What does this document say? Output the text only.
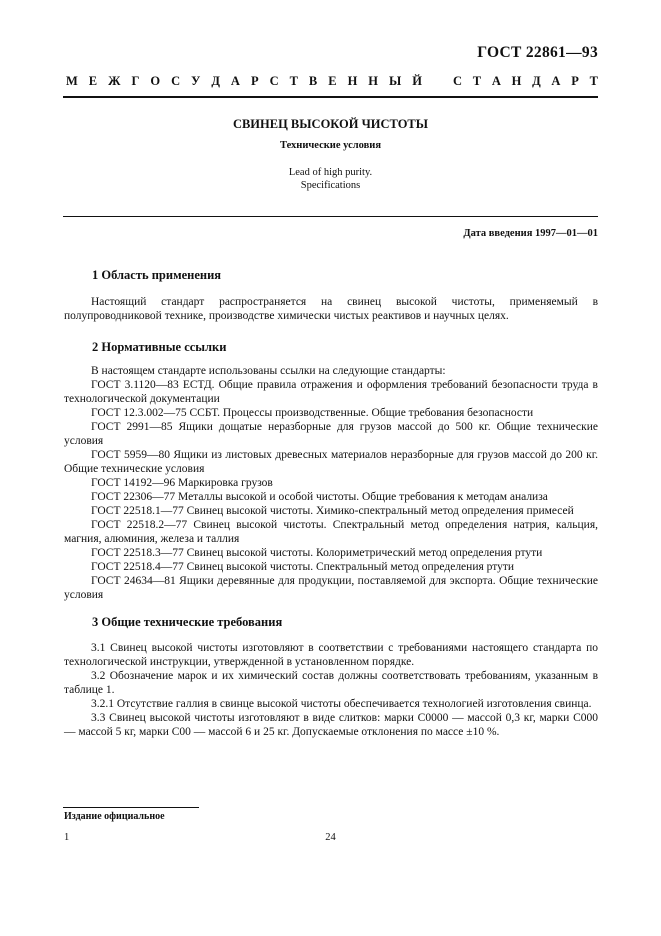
ГОСТ 22861—93
М Е Ж Г О С У Д А Р С Т В Е Н Н Ы Й С Т А Н Д А Р Т
СВИНЕЦ ВЫСОКОЙ ЧИСТОТЫ
Технические условия
Lead of high purity.
Specifications
Дата введения 1997—01—01
1 Область применения

Настоящий стандарт распространяется на свинец высокой чистоты, применяемый в полупроводниковой технике, производстве химически чистых реактивов и научных целях.

2 Нормативные ссылки

В настоящем стандарте использованы ссылки на следующие стандарты:

ГОСТ 3.1120—83 ЕСТД. Общие правила отражения и оформления требований безопасности труда в технологической документации

ГОСТ 12.3.002—75 ССБТ. Процессы производственные. Общие требования безопасности

ГОСТ 2991—85 Ящики дощатые неразборные для грузов массой до 500 кг. Общие технические условия

ГОСТ 5959—80 Ящики из листовых древесных материалов неразборные для грузов массой до 200 кг. Общие технические условия

ГОСТ 14192—96 Маркировка грузов

ГОСТ 22306—77 Металлы высокой и особой чистоты. Общие требования к методам анализа

ГОСТ 22518.1—77 Свинец высокой чистоты. Химико-спектральный метод определения примесей

ГОСТ 22518.2—77 Свинец высокой чистоты. Спектральный метод определения натрия, кальция, магния, алюминия, железа и таллия

ГОСТ 22518.3—77 Свинец высокой чистоты. Колориметрический метод определения ртути

ГОСТ 22518.4—77 Свинец высокой чистоты. Спектральный метод определения ртути

ГОСТ 24634—81 Ящики деревянные для продукции, поставляемой для экспорта. Общие технические условия

3 Общие технические требования

3.1 Свинец высокой чистоты изготовляют в соответствии с требованиями настоящего стандарта по технологической инструкции, утвержденной в установленном порядке.

3.2 Обозначение марок и их химический состав должны соответствовать требованиям, указанным в таблице 1.

3.2.1 Отсутствие галлия в свинце высокой чистоты обеспечивается технологией изготовления свинца.

3.3 Свинец высокой чистоты изготовляют в виде слитков: марки С0000 — массой 0,3 кг, марки С000 — массой 5 кг, марки С00 — массой 6 и 25 кг. Допускаемые отклонения по массе ±10 %.

Издание официальное
1	24
